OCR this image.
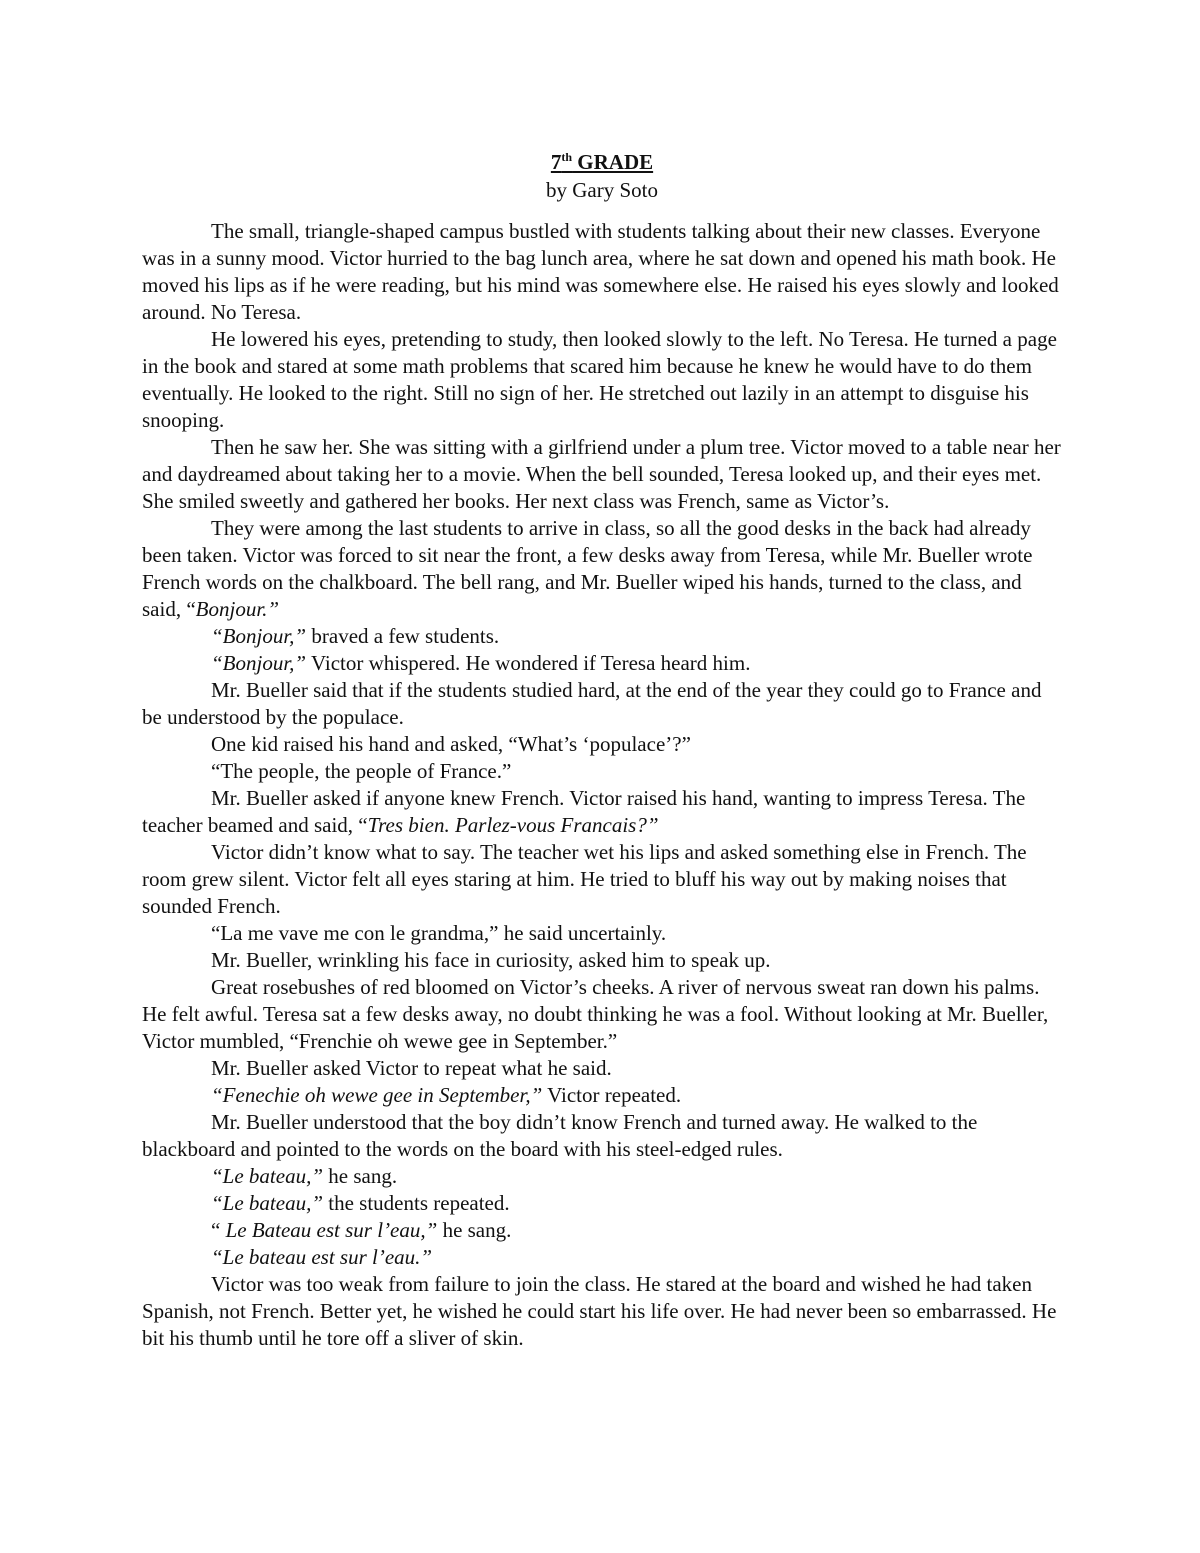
7th GRADE

by Gary Soto

The small, triangle-shaped campus bustled with students talking about their new classes. Everyone was in a sunny mood. Victor hurried to the bag lunch area, where he sat down and opened his math book. He moved his lips as if he were reading, but his mind was somewhere else. He raised his eyes slowly and looked around. No Teresa.

He lowered his eyes, pretending to study, then looked slowly to the left. No Teresa. He turned a page in the book and stared at some math problems that scared him because he knew he would have to do them eventually. He looked to the right. Still no sign of her. He stretched out lazily in an attempt to disguise his snooping.

Then he saw her. She was sitting with a girlfriend under a plum tree. Victor moved to a table near her and daydreamed about taking her to a movie. When the bell sounded, Teresa looked up, and their eyes met. She smiled sweetly and gathered her books. Her next class was French, same as Victor’s.

They were among the last students to arrive in class, so all the good desks in the back had already been taken. Victor was forced to sit near the front, a few desks away from Teresa, while Mr. Bueller wrote French words on the chalkboard. The bell rang, and Mr. Bueller wiped his hands, turned to the class, and said, “Bonjour.”

“Bonjour,” braved a few students.

“Bonjour,” Victor whispered. He wondered if Teresa heard him.

Mr. Bueller said that if the students studied hard, at the end of the year they could go to France and be understood by the populace.

One kid raised his hand and asked, “What’s ‘populace’?”

“The people, the people of France.”

Mr. Bueller asked if anyone knew French. Victor raised his hand, wanting to impress Teresa. The teacher beamed and said, “Tres bien. Parlez-vous Francais?”

Victor didn’t know what to say. The teacher wet his lips and asked something else in French. The room grew silent. Victor felt all eyes staring at him. He tried to bluff his way out by making noises that sounded French.

“La me vave me con le grandma,” he said uncertainly.

Mr. Bueller, wrinkling his face in curiosity, asked him to speak up.

Great rosebushes of red bloomed on Victor’s cheeks. A river of nervous sweat ran down his palms. He felt awful. Teresa sat a few desks away, no doubt thinking he was a fool. Without looking at Mr. Bueller, Victor mumbled, “Frenchie oh wewe gee in September.”

Mr. Bueller asked Victor to repeat what he said.

“Fenechie oh wewe gee in September,” Victor repeated.

Mr. Bueller understood that the boy didn’t know French and turned away. He walked to the blackboard and pointed to the words on the board with his steel-edged rules.

“Le bateau,” he sang.

“Le bateau,” the students repeated.

“ Le Bateau est sur l’eau,” he sang.

“Le bateau est sur l’eau.”

Victor was too weak from failure to join the class. He stared at the board and wished he had taken Spanish, not French. Better yet, he wished he could start his life over. He had never been so embarrassed. He bit his thumb until he tore off a sliver of skin.
